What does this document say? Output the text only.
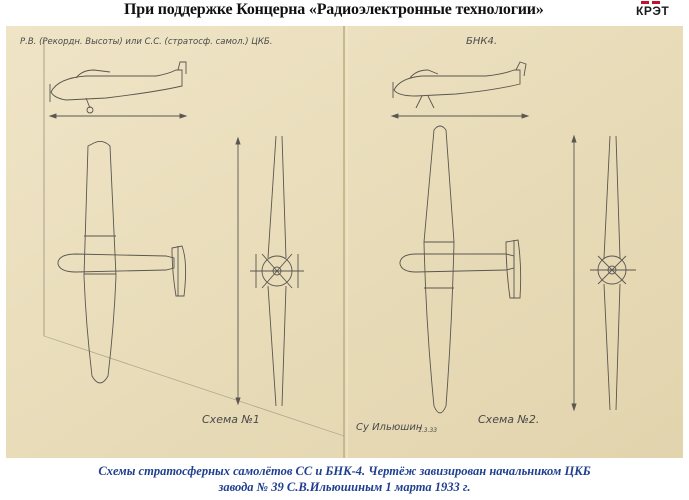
При поддержке Концерна «Радиоэлектронные технологии»	КРЭТ
Р.В. (Рекордн. Высоты) или С.С. (стратосф. самол.) ЦКБ.	БНК4.
Схема №1	Схема №2.
Су Ильюшин
1.3.33
Схемы стратосферных самолётов СС и БНК-4. Чертёж завизирован начальником ЦКБ
завода № 39 С.В.Ильюшиным 1 марта 1933 г.
